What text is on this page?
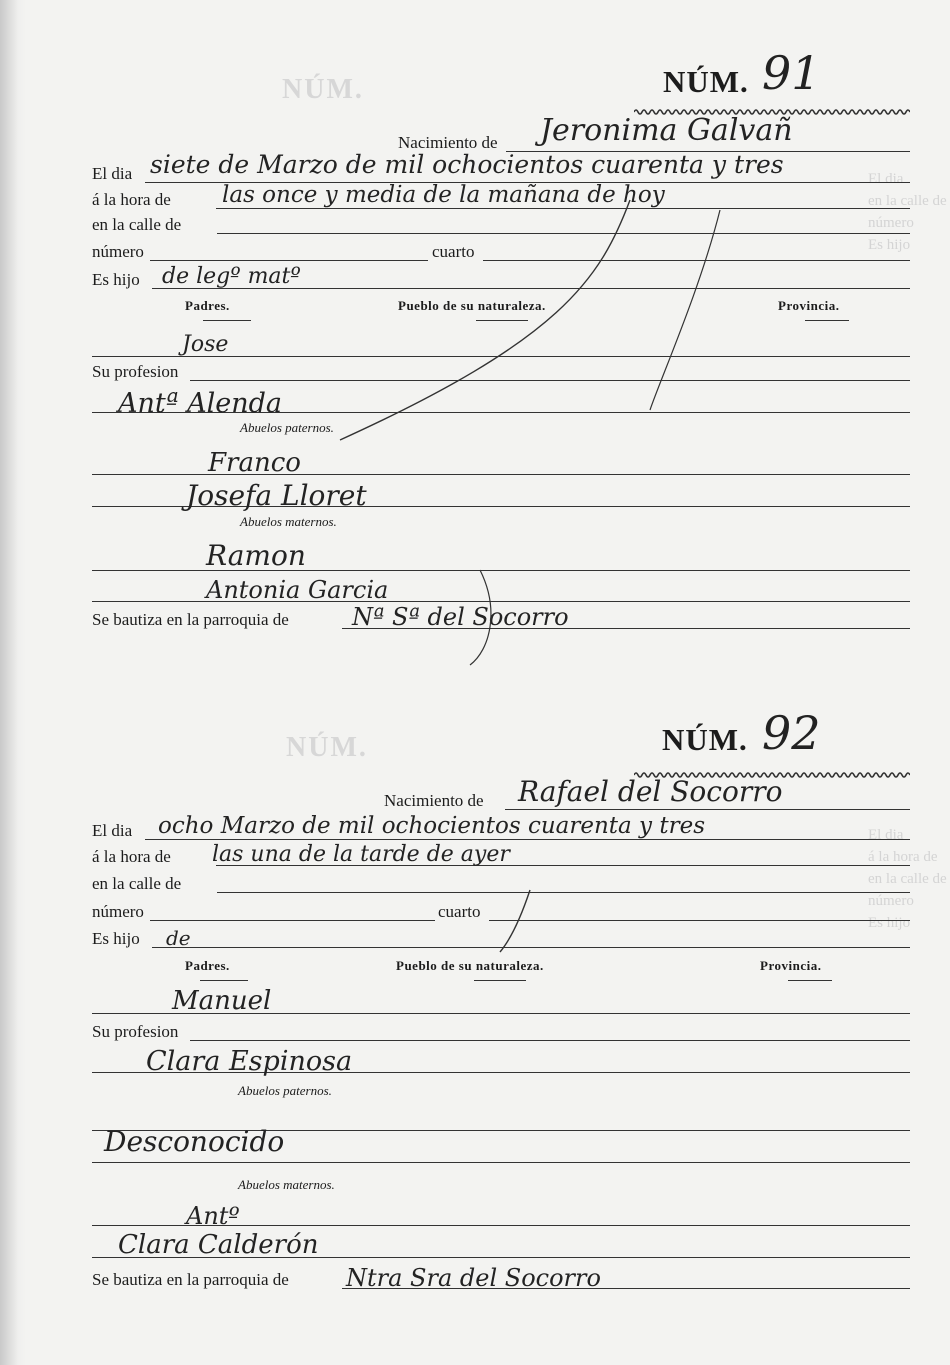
NÚM.
NÚM.
El dia
en la calle de
número
Es hijo
El dia
á la hora de
en la calle de
número
Es hijo
NÚM. 91
Nacimiento de Jeronima Galvañ
El dia siete de Marzo de mil ochocientos cuarenta y tres
á la hora de las once y media de la mañana de hoy
en la calle de
número	cuarto
Es hijo de legº matº
Padres.	Pueblo de su naturaleza.	Provincia.
Jose
Su profesion
Antª Alenda
Abuelos paternos.
Franco
Josefa Lloret
Abuelos maternos.
Ramon
Antonia Garcia
Se bautiza en la parroquia de	Nª Sª del Socorro
NÚM. 92
Nacimiento de Rafael del Socorro
El dia ocho Marzo de mil ochocientos cuarenta y tres
á la hora de las una de la tarde de ayer
en la calle de
número	cuarto
Es hijo de
Padres.	Pueblo de su naturaleza.	Provincia.
Manuel
Su profesion
Clara Espinosa
Abuelos paternos.
Desconocido
Abuelos maternos.
Antº
Clara Calderón
Se bautiza en la parroquia de Ntra Sra del Socorro
